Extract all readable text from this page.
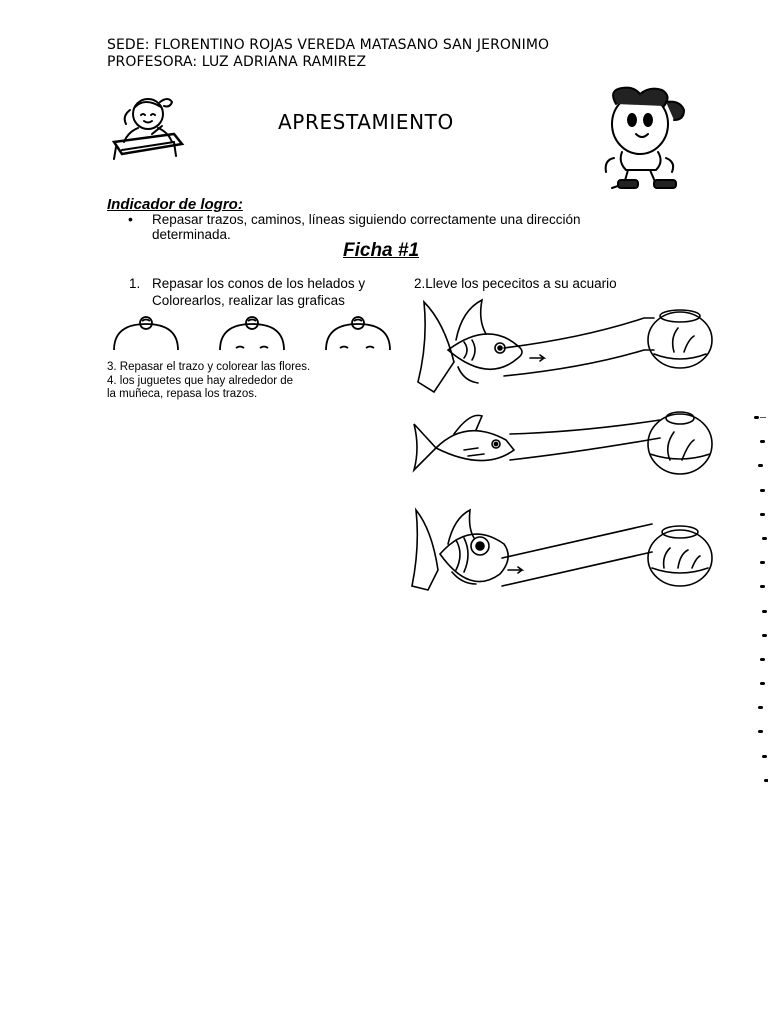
SEDE: FLORENTINO ROJAS VEREDA MATASANO SAN JERONIMO
PROFESORA: LUZ ADRIANA RAMIREZ
APRESTAMIENTO
Indicador de logro:
• Repasar trazos, caminos, líneas siguiendo correctamente una dirección determinada.
Ficha #1
1. Repasar los conos de los helados y
Colorearlos, realizar las graficas
2.Lleve los pececitos a su acuario
3. Repasar el trazo y colorear las flores.
4. los juguetes que hay alrededor de
la muñeca, repasa los trazos.
